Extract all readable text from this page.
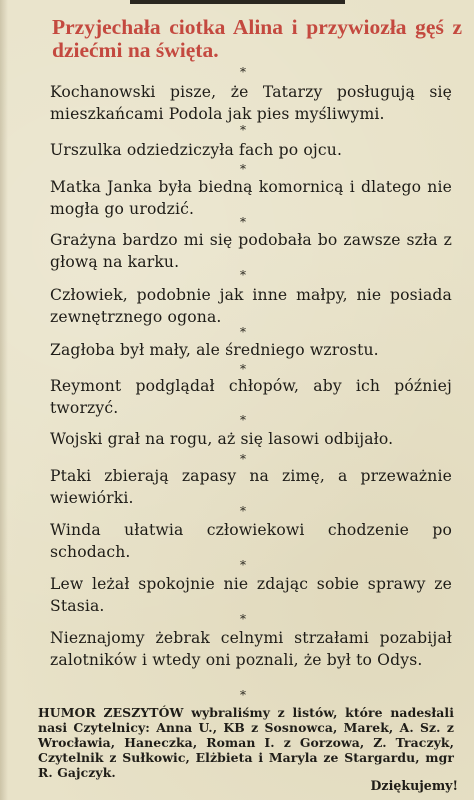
Przyjechała ciotka Alina i przywiozła gęś z dziećmi na święta.
*

Kochanowski pisze, że Tatarzy posługują się mieszkańcami Podola jak pies myśliwymi.

*

Urszulka odziedziczyła fach po ojcu.

*

Matka Janka była biedną komornicą i dlatego nie mogła go urodzić.

*

Grażyna bardzo mi się podobała bo zawsze szła z głową na karku.

*

Człowiek, podobnie jak inne małpy, nie posiada zewnętrznego ogona.

*

Zagłoba był mały, ale średniego wzrostu.

*

Reymont podglądał chłopów, aby ich później tworzyć.

*

Wojski grał na rogu, aż się lasowi odbijało.

*

Ptaki zbierają zapasy na zimę, a przeważnie wiewiórki.

*

Winda ułatwia człowiekowi chodzenie po schodach.

*

Lew leżał spokojnie nie zdając sobie sprawy ze Stasia.

*

Nieznajomy żebrak celnymi strzałami pozabijał zalotników i wtedy oni poznali, że był to Odys.

*

HUMOR ZESZYTÓW wybraliśmy z listów, które nadesłali nasi Czytelnicy: Anna U., KB z Sosnowca, Marek, A. Sz. z Wrocławia, Haneczka, Roman I. z Gorzowa, Z. Traczyk, Czytelnik z Sułkowic, Elżbieta i Maryla ze Stargardu, mgr R. Gajczyk.

Dziękujemy!
